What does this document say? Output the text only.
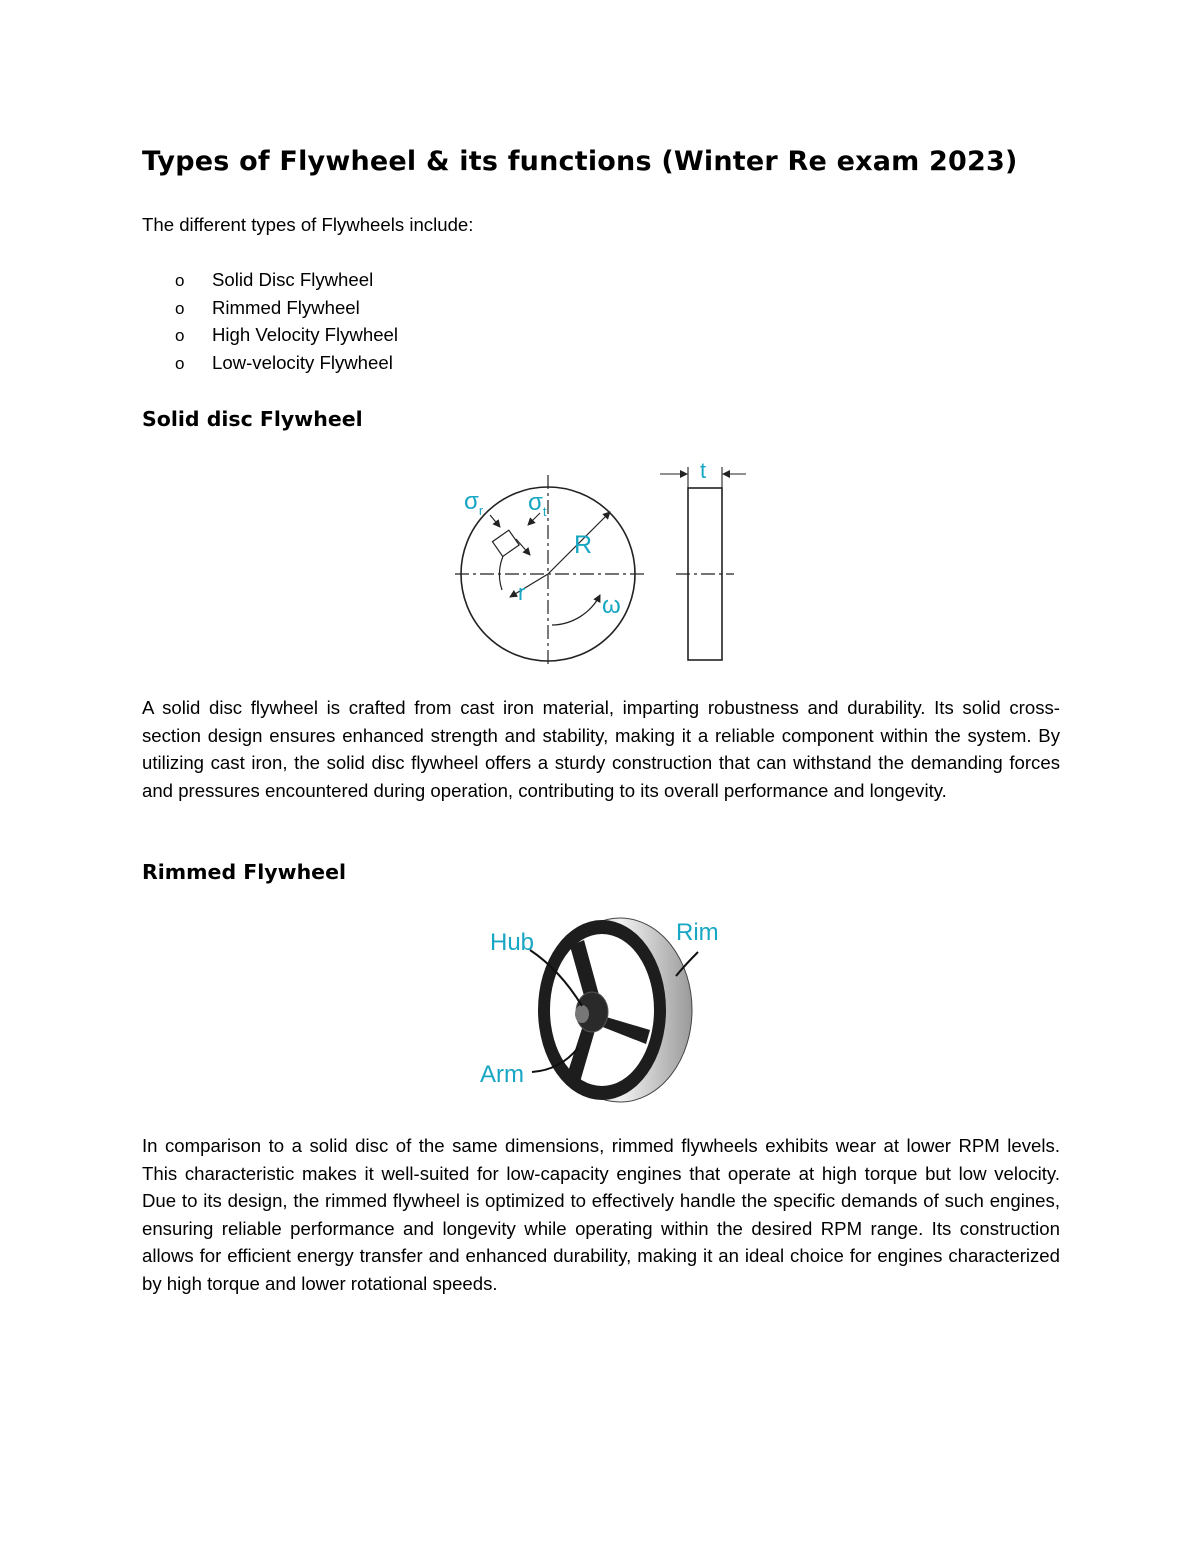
Types of Flywheel & its functions (Winter Re exam 2023)

The different types of Flywheels include:

o Solid Disc Flywheel
o Rimmed Flywheel
o High Velocity Flywheel
o Low-velocity Flywheel
Solid disc Flywheel
$\sigma_r$ $\sigma_t$
R
r	ω
t

A solid disc flywheel is crafted from cast iron material, imparting robustness and durability. Its solid cross-section design ensures enhanced strength and stability, making it a reliable component within the system. By utilizing cast iron, the solid disc flywheel offers a sturdy construction that can withstand the demanding forces and pressures encountered during operation, contributing to its overall performance and longevity.

Rimmed Flywheel
Hub	Rim
Arm

In comparison to a solid disc of the same dimensions, rimmed flywheels exhibits wear at lower RPM levels. This characteristic makes it well-suited for low-capacity engines that operate at high torque but low velocity. Due to its design, the rimmed flywheel is optimized to effectively handle the specific demands of such engines, ensuring reliable performance and longevity while operating within the desired RPM range. Its construction allows for efficient energy transfer and enhanced durability, making it an ideal choice for engines characterized by high torque and lower rotational speeds.
